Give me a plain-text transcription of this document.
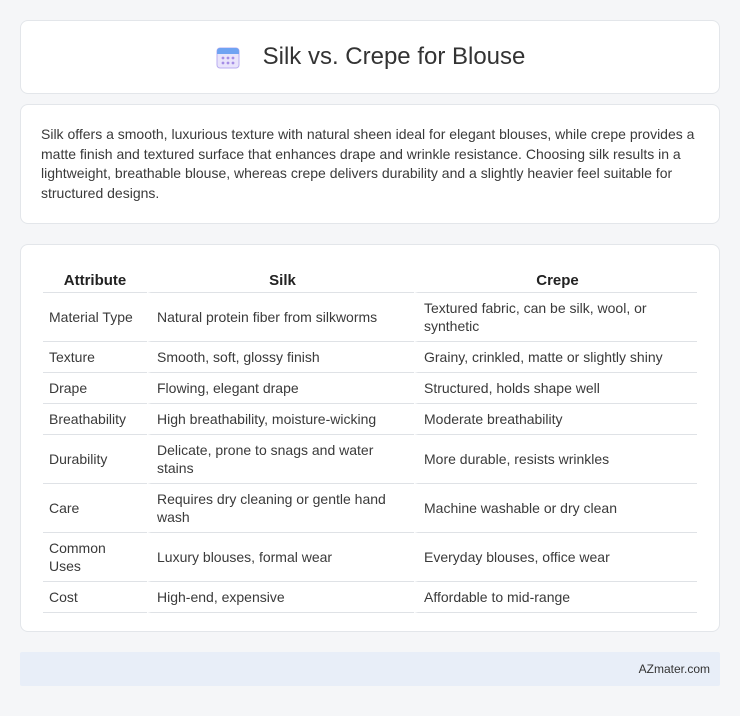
Silk vs. Crepe for Blouse

Silk offers a smooth, luxurious texture with natural sheen ideal for elegant blouses, while crepe provides a matte finish and textured surface that enhances drape and wrinkle resistance. Choosing silk results in a lightweight, breathable blouse, whereas crepe delivers durability and a slightly heavier feel suitable for structured designs.

Attribute	Silk	Crepe
Material Type	Natural protein fiber from silkworms	Textured fabric, can be silk, wool, or synthetic
Texture	Smooth, soft, glossy finish	Grainy, crinkled, matte or slightly shiny
Drape	Flowing, elegant drape	Structured, holds shape well
Breathability	High breathability, moisture-wicking	Moderate breathability
Durability	Delicate, prone to snags and water stains	More durable, resists wrinkles
Care	Requires dry cleaning or gentle hand wash	Machine washable or dry clean
Common Uses	Luxury blouses, formal wear	Everyday blouses, office wear
Cost	High-end, expensive	Affordable to mid-range
AZmater.com
